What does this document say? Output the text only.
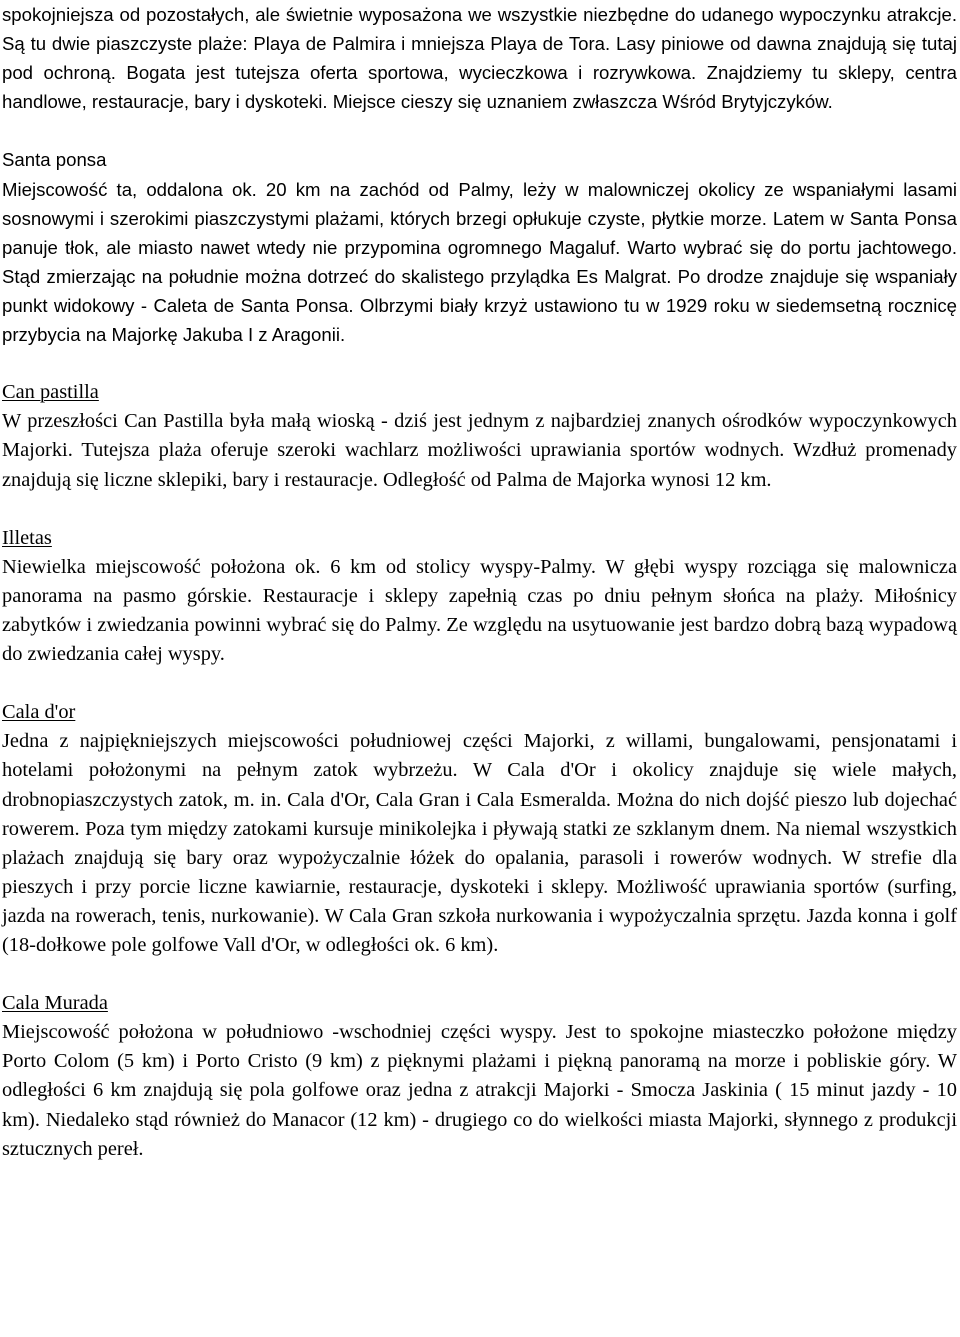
spokojniejsza od pozostałych, ale świetnie wyposażona we wszystkie niezbędne do udanego wypoczynku atrakcje. Są tu dwie piaszczyste plaże: Playa de Palmira i mniejsza Playa de Tora. Lasy piniowe od dawna znajdują się tutaj pod ochroną. Bogata jest tutejsza oferta sportowa, wycieczkowa i rozrywkowa. Znajdziemy tu sklepy, centra handlowe, restauracje, bary i dyskoteki. Miejsce cieszy się uznaniem zwłaszcza Wśród Brytyjczyków.

Santa ponsa

Miejscowość ta, oddalona ok. 20 km na zachód od Palmy, leży w malowniczej okolicy ze wspaniałymi lasami sosnowymi i szerokimi piaszczystymi plażami, których brzegi opłukuje czyste, płytkie morze. Latem w Santa Ponsa panuje tłok, ale miasto nawet wtedy nie przypomina ogromnego Magaluf. Warto wybrać się do portu jachtowego. Stąd zmierzając na południe można dotrzeć do skalistego przylądka Es Malgrat. Po drodze znajduje się wspaniały punkt widokowy - Caleta de Santa Ponsa. Olbrzymi biały krzyż ustawiono tu w 1929 roku w siedemsetną rocznicę przybycia na Majorkę Jakuba I z Aragonii.

Can pastilla

W przeszłości Can Pastilla była małą wioską - dziś jest jednym z najbardziej znanych ośrodków wypoczynkowych Majorki. Tutejsza plaża oferuje szeroki wachlarz możliwości uprawiania sportów wodnych. Wzdłuż promenady znajdują się liczne sklepiki, bary i restauracje. Odległość od Palma de Majorka wynosi 12 km.

Illetas

Niewielka miejscowość położona ok. 6 km od stolicy wyspy-Palmy. W głębi wyspy rozciąga się malownicza panorama na pasmo górskie. Restauracje i sklepy zapełnią czas po dniu pełnym słońca na plaży. Miłośnicy zabytków i zwiedzania powinni wybrać się do Palmy. Ze względu na usytuowanie jest bardzo dobrą bazą wypadową do zwiedzania całej wyspy.

Cala d'or

Jedna z najpiękniejszych miejscowości południowej części Majorki, z willami, bungalowami, pensjonatami i hotelami położonymi na pełnym zatok wybrzeżu. W Cala d'Or i okolicy znajduje się wiele małych, drobnopiaszczystych zatok, m. in. Cala d'Or, Cala Gran i Cala Esmeralda. Można do nich dojść pieszo lub dojechać rowerem. Poza tym między zatokami kursuje minikolejka i pływają statki ze szklanym dnem. Na niemal wszystkich plażach znajdują się bary oraz wypożyczalnie łóżek do opalania, parasoli i rowerów wodnych. W strefie dla pieszych i przy porcie liczne kawiarnie, restauracje, dyskoteki i sklepy. Możliwość uprawiania sportów (surfing, jazda na rowerach, tenis, nurkowanie). W Cala Gran szkoła nurkowania i wypożyczalnia sprzętu. Jazda konna i golf (18-dołkowe pole golfowe Vall d'Or, w odległości ok. 6 km).

Cala Murada

Miejscowość położona w południowo -wschodniej części wyspy. Jest to spokojne miasteczko położone między Porto Colom (5 km) i Porto Cristo (9 km) z pięknymi plażami i piękną panoramą na morze i pobliskie góry. W odległości 6 km znajdują się pola golfowe oraz jedna z atrakcji Majorki - Smocza Jaskinia ( 15 minut jazdy - 10 km). Niedaleko stąd również do Manacor (12 km) - drugiego co do wielkości miasta Majorki, słynnego z produkcji sztucznych pereł.
